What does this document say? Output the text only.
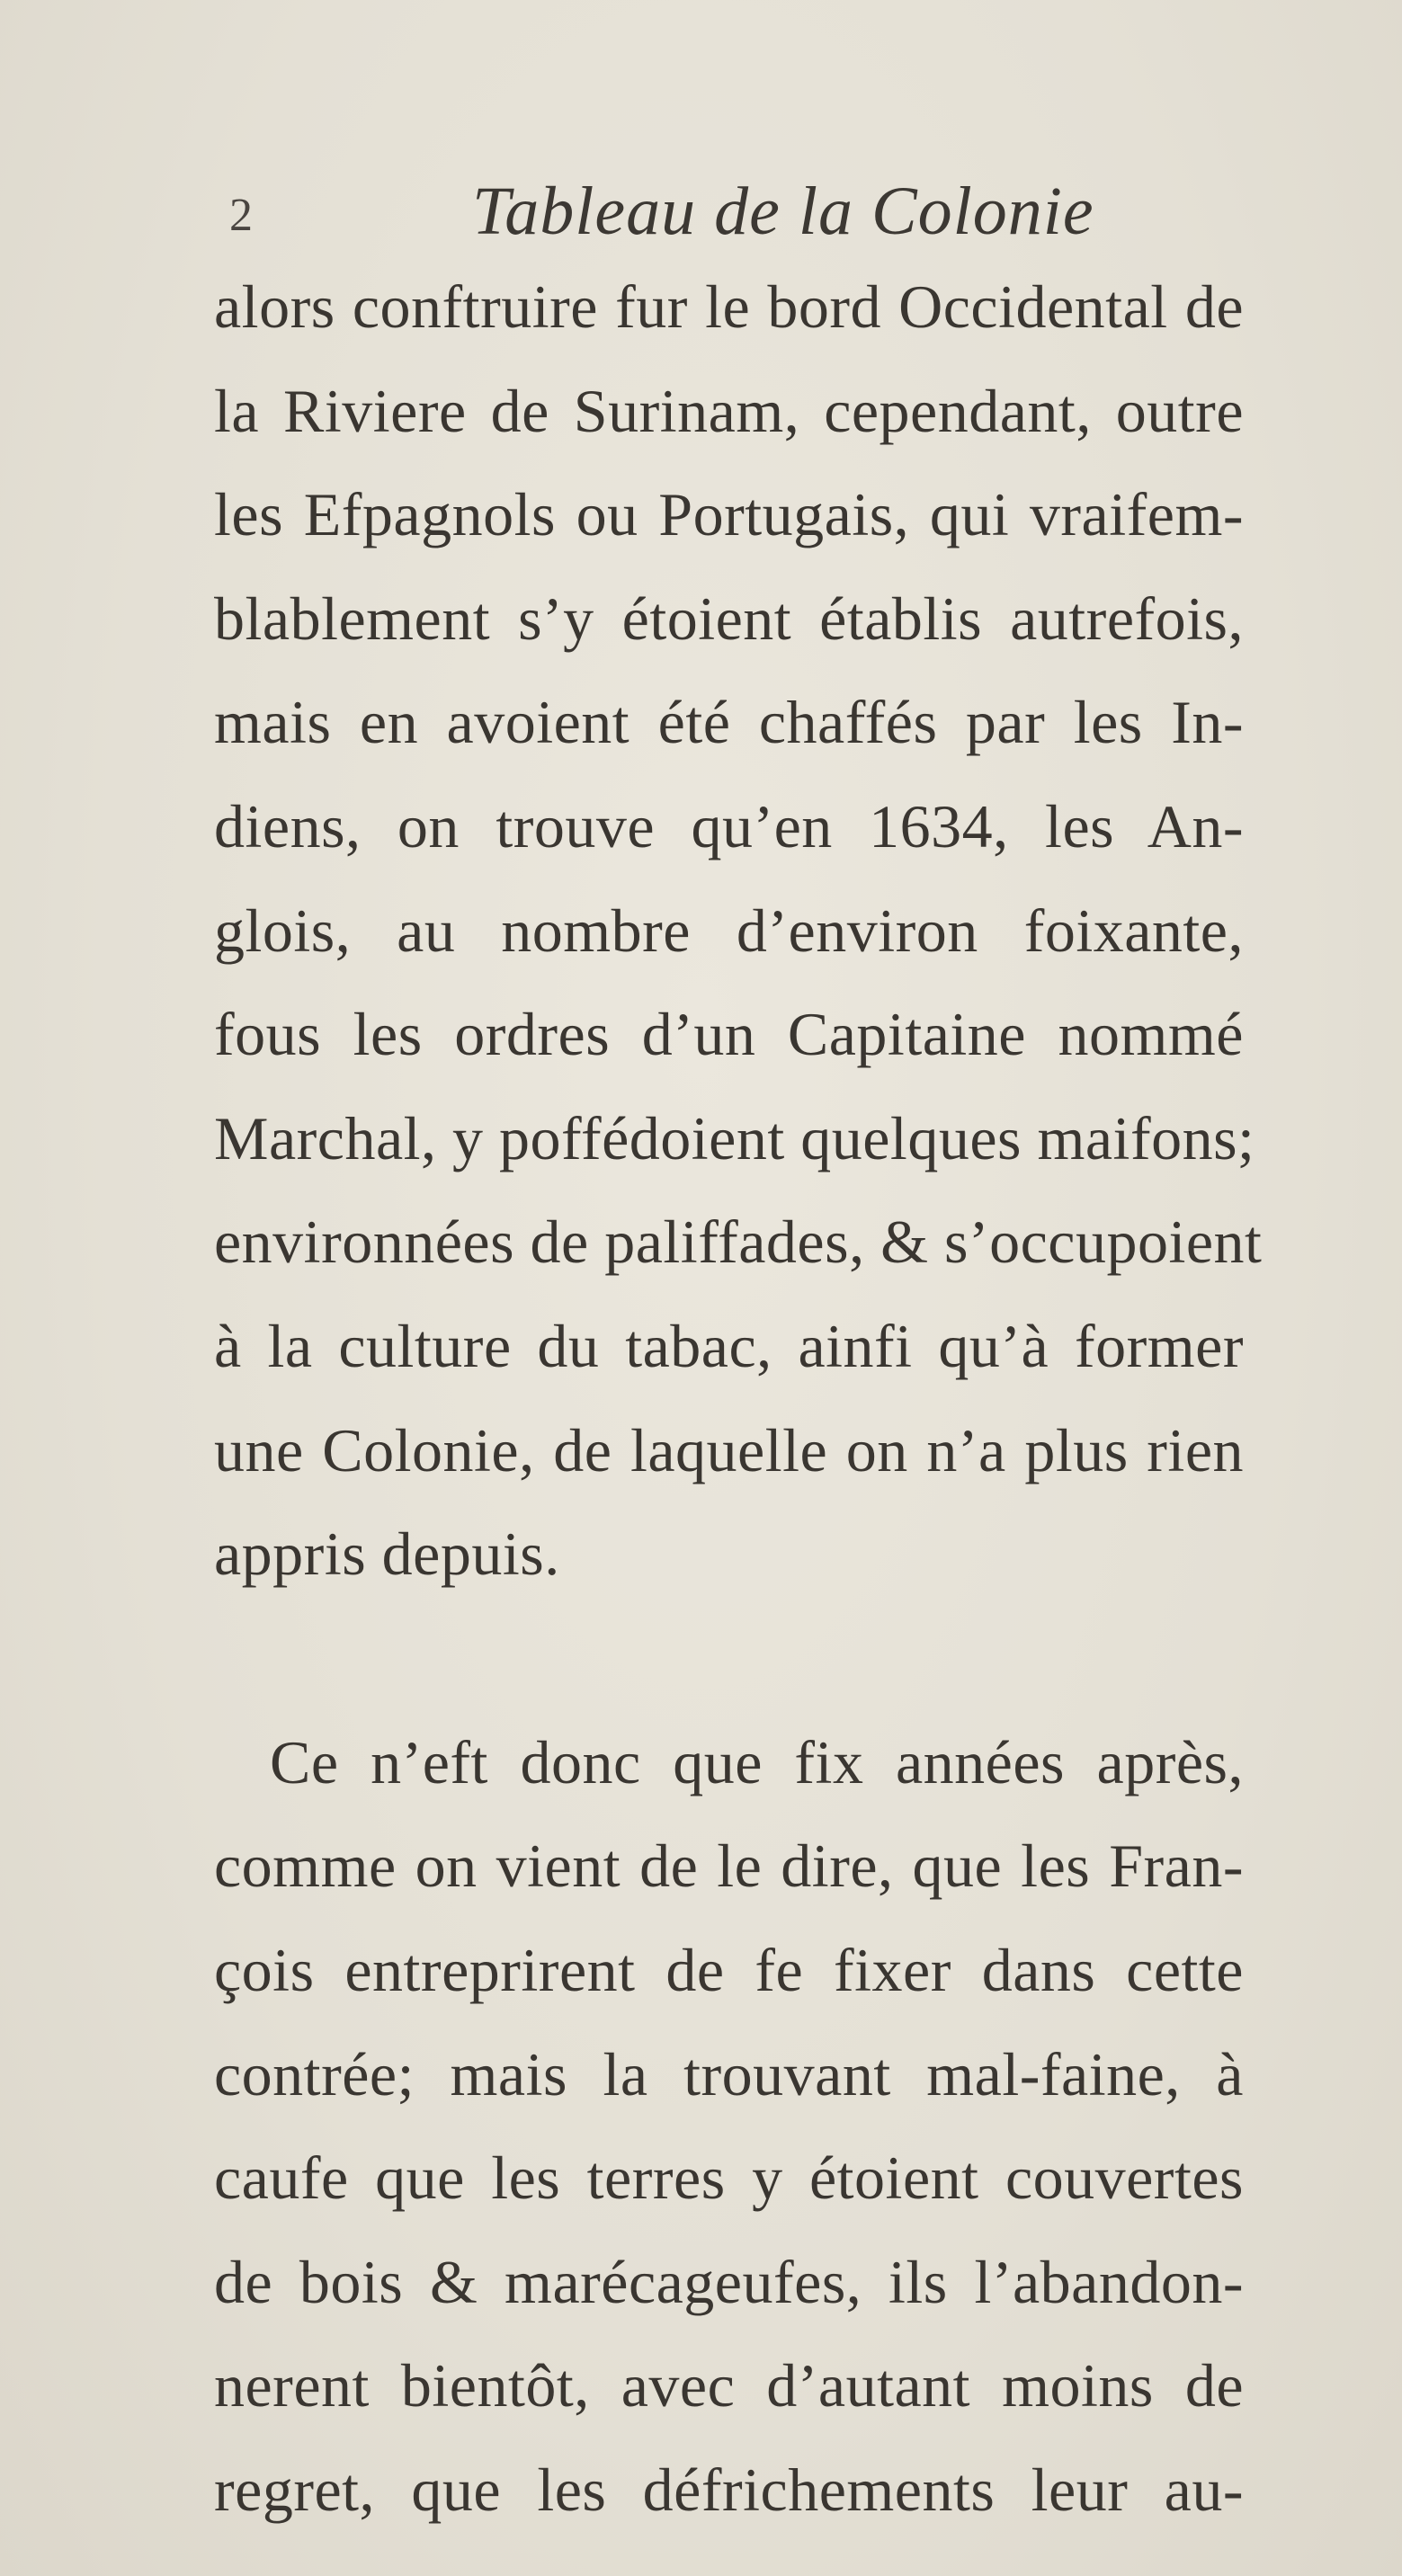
2	Tableau de la Colonie
alors conftruire fur le bord Occidental de
la Riviere de Surinam, cependant, outre
les Efpagnols ou Portugais, qui vraifem-
blablement s’y étoient établis autrefois,
mais en avoient été chaffés par les In-
diens, on trouve qu’en 1634, les An-
glois, au nombre d’environ foixante,
fous les ordres d’un Capitaine nommé
Marchal, y poffédoient quelques maifons;
environnées de paliffades, & s’occupoient
à la culture du tabac, ainfi qu’à former
une Colonie, de laquelle on n’a plus rien
appris depuis.
Ce n’eft donc que fix années après,
comme on vient de le dire, que les Fran-
çois entreprirent de fe fixer dans cette
contrée; mais la trouvant mal-faine, à
caufe que les terres y étoient couvertes
de bois & marécageufes, ils l’abandon-
nerent bientôt, avec d’autant moins de
regret, que les défrichements leur au-
